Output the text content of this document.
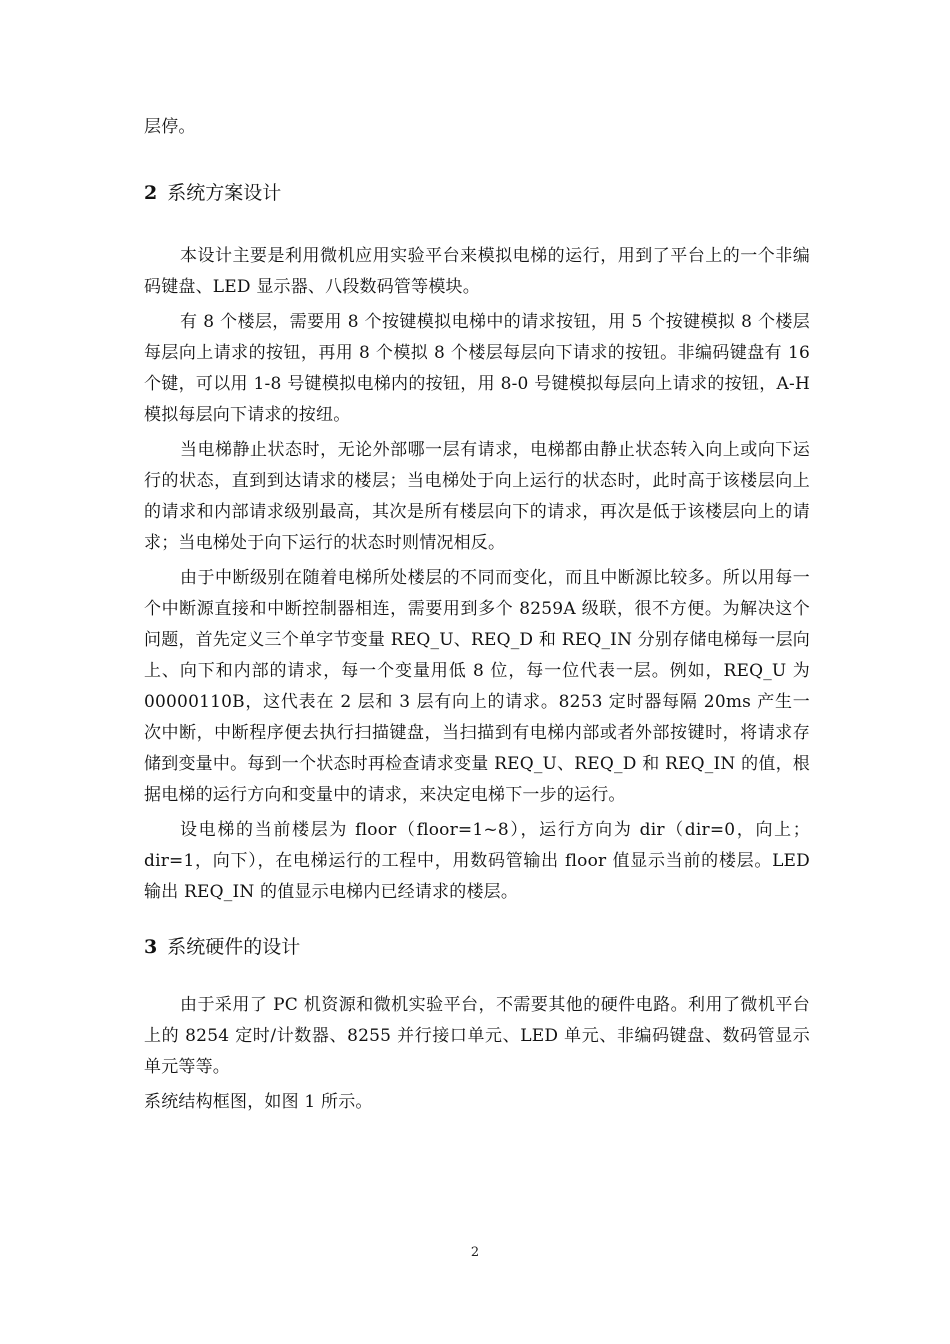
层停。

2 系统方案设计

本设计主要是利用微机应用实验平台来模拟电梯的运行，用到了平台上的一个非编码键盘、LED 显示器、八段数码管等模块。

有 8 个楼层，需要用 8 个按键模拟电梯中的请求按钮，用 5 个按键模拟 8 个楼层每层向上请求的按钮，再用 8 个模拟 8 个楼层每层向下请求的按钮。非编码键盘有 16 个键，可以用 1-8 号键模拟电梯内的按钮，用 8-0 号键模拟每层向上请求的按钮，A-H 模拟每层向下请求的按纽。

当电梯静止状态时，无论外部哪一层有请求，电梯都由静止状态转入向上或向下运行的状态，直到到达请求的楼层；当电梯处于向上运行的状态时，此时高于该楼层向上的请求和内部请求级别最高，其次是所有楼层向下的请求，再次是低于该楼层向上的请求；当电梯处于向下运行的状态时则情况相反。

由于中断级别在随着电梯所处楼层的不同而变化，而且中断源比较多。所以用每一个中断源直接和中断控制器相连，需要用到多个 8259A 级联，很不方便。为解决这个问题，首先定义三个单字节变量 REQ_U、REQ_D 和 REQ_IN 分别存储电梯每一层向上、向下和内部的请求，每一个变量用低 8 位，每一位代表一层。例如，REQ_U 为 00000110B，这代表在 2 层和 3 层有向上的请求。8253 定时器每隔 20ms 产生一次中断，中断程序便去执行扫描键盘，当扫描到有电梯内部或者外部按键时，将请求存储到变量中。每到一个状态时再检查请求变量 REQ_U、REQ_D 和 REQ_IN 的值，根据电梯的运行方向和变量中的请求，来决定电梯下一步的运行。

设电梯的当前楼层为 floor（floor=1~8），运行方向为 dir（dir=0，向上；dir=1，向下），在电梯运行的工程中，用数码管输出 floor 值显示当前的楼层。LED 输出 REQ_IN 的值显示电梯内已经请求的楼层。

3 系统硬件的设计

由于采用了 PC 机资源和微机实验平台，不需要其他的硬件电路。利用了微机平台上的 8254 定时/计数器、8255 并行接口单元、LED 单元、非编码键盘、数码管显示单元等等。

系统结构框图，如图 1 所示。

2
